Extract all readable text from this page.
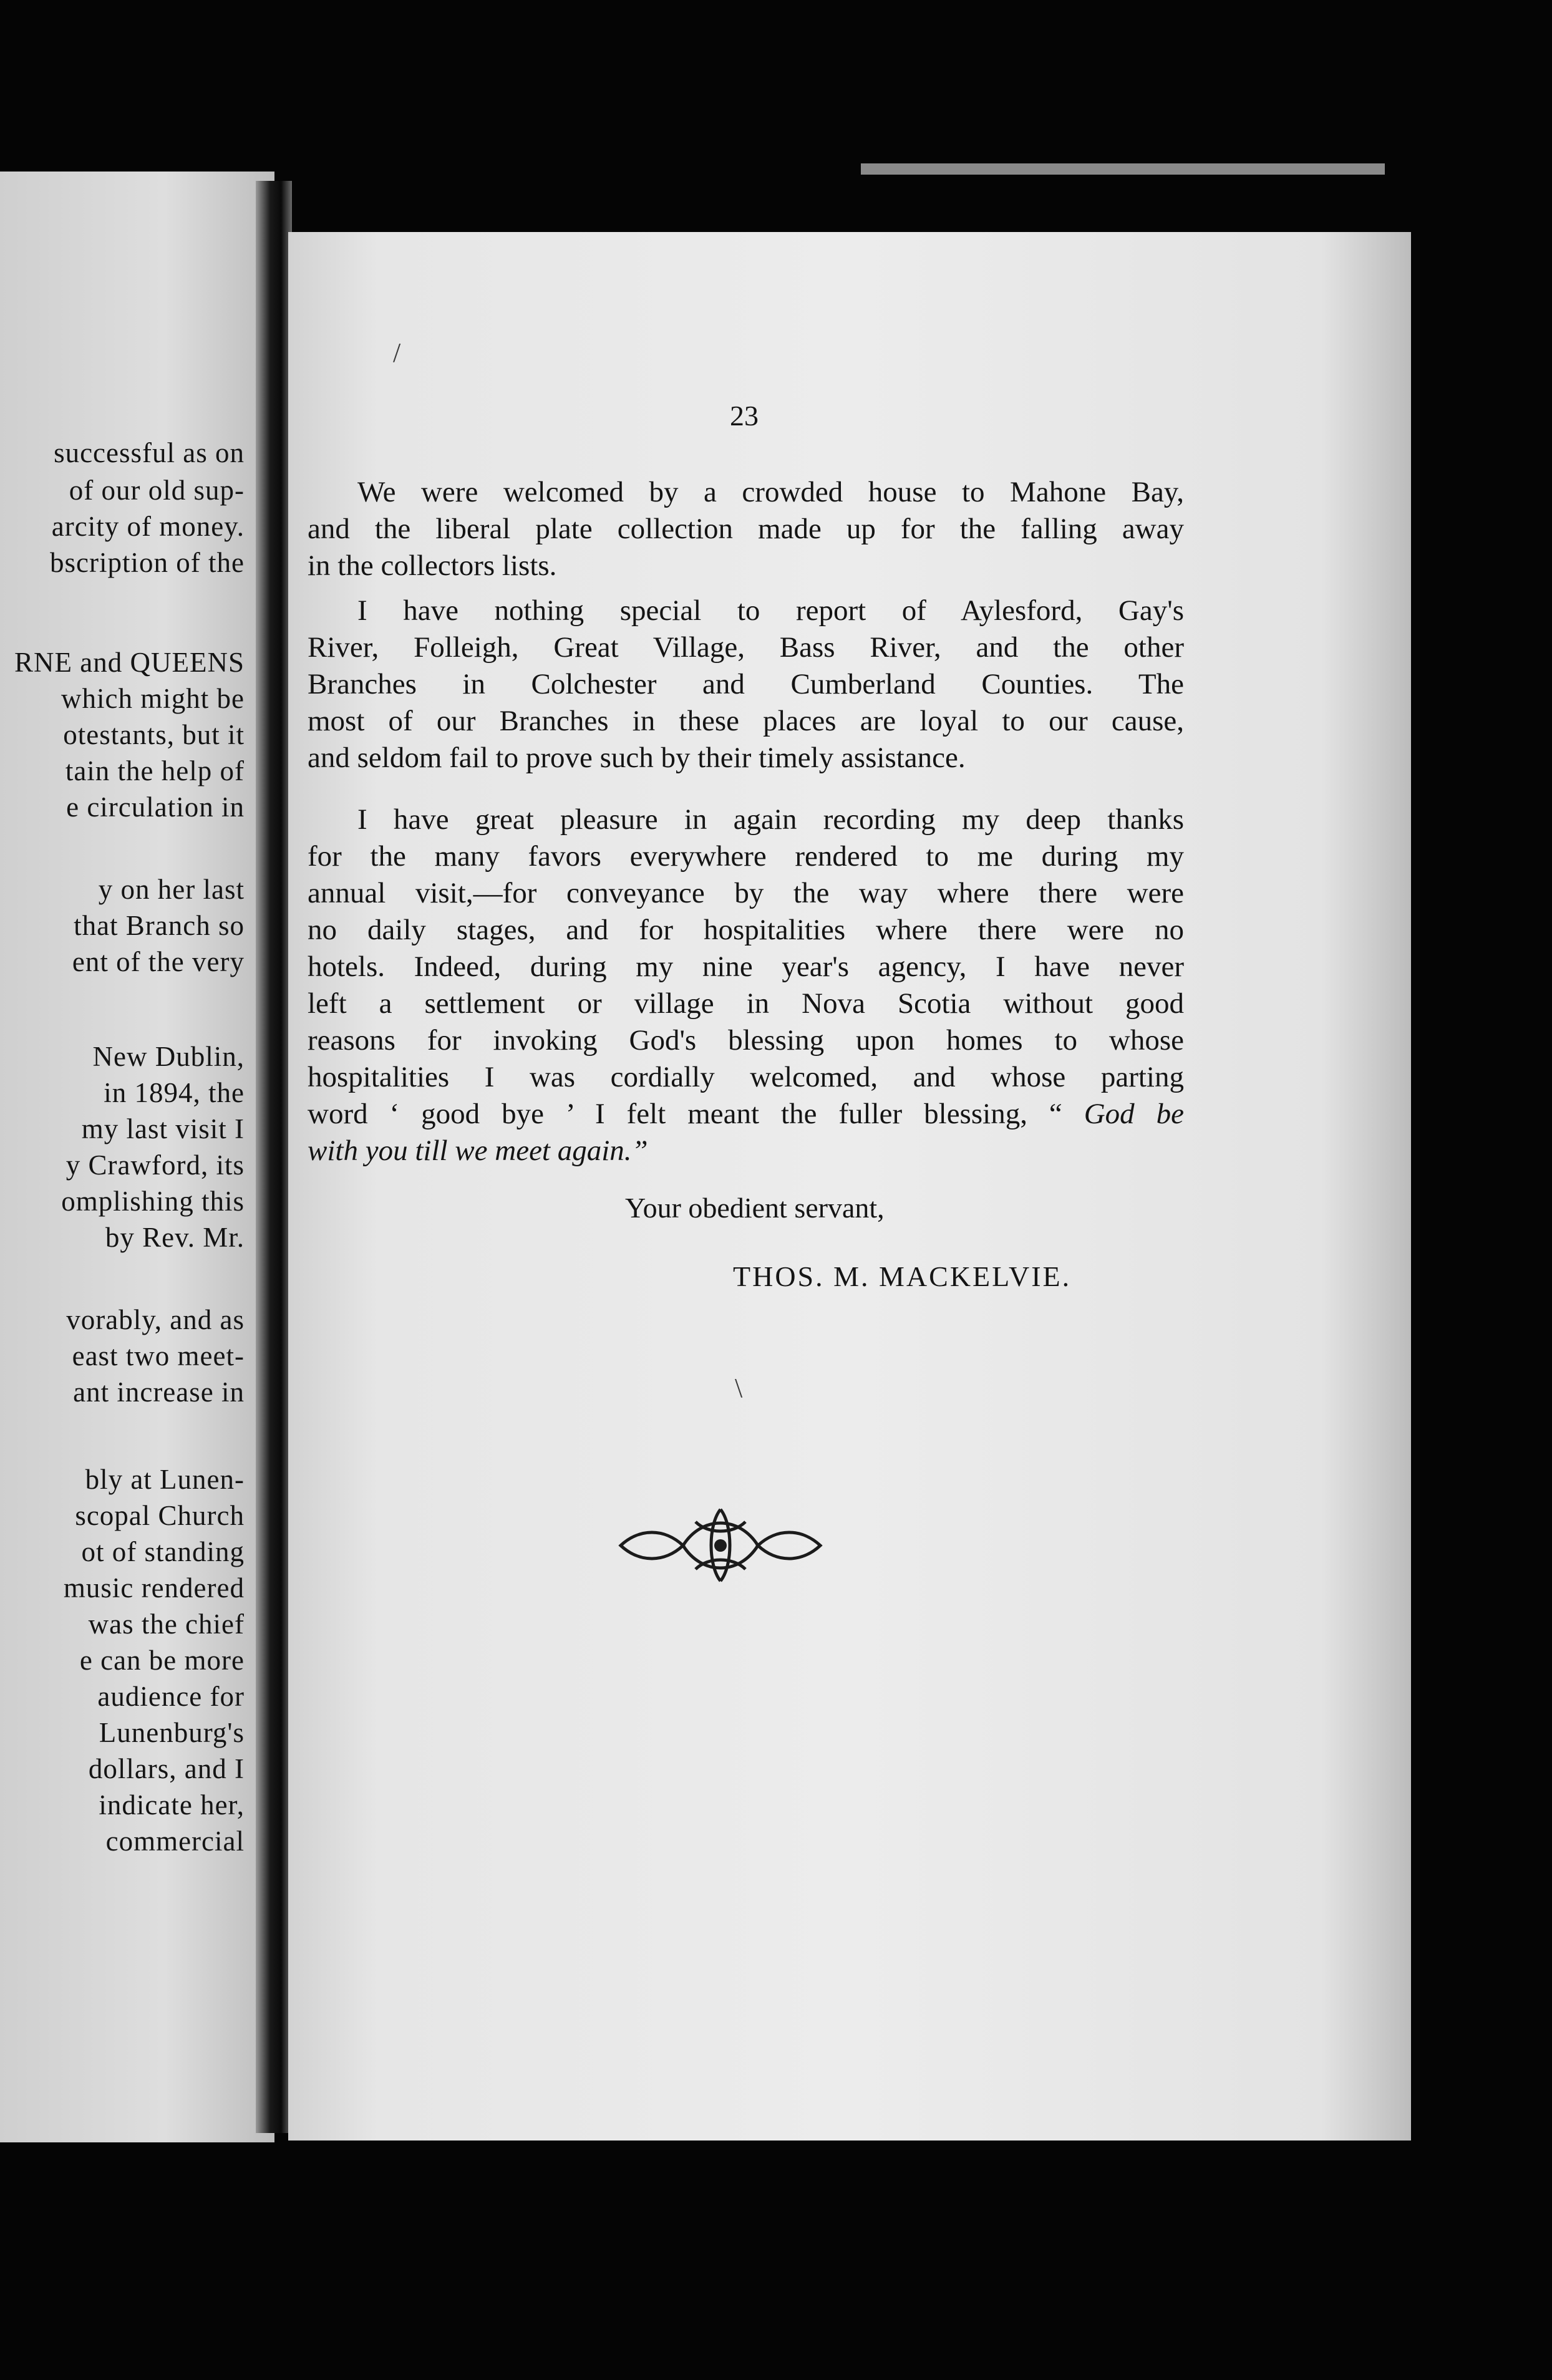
successful as on
of our old sup-
arcity of money.
bscription of the
RNE and QUEENS
which might be
otestants, but it
tain the help of
e circulation in
y on her last
that Branch so
ent of the very
New Dublin,
in 1894, the
my last visit I
y Crawford, its
omplishing this
by Rev. Mr.
vorably, and as
east two meet-
ant increase in
bly at Lunen-
scopal Church
ot of standing
music rendered
was the chief
e can be more
audience for
Lunenburg's
dollars, and I
indicate her,
commercial
23
We were welcomed by a crowded house to Mahone Bay,
and the liberal plate collection made up for the falling away
in the collectors lists.
I have nothing special to report of Aylesford, Gay's
River, Folleigh, Great Village, Bass River, and the other
Branches in Colchester and Cumberland Counties. The
most of our Branches in these places are loyal to our cause,
and seldom fail to prove such by their timely assistance.
I have great pleasure in again recording my deep thanks
for the many favors everywhere rendered to me during my
annual visit,—for conveyance by the way where there were
no daily stages, and for hospitalities where there were no
hotels. Indeed, during my nine year's agency, I have never
left a settlement or village in Nova Scotia without good
reasons for invoking God's blessing upon homes to whose
hospitalities I was cordially welcomed, and whose parting
word ‘ good bye ’ I felt meant the fuller blessing, “ God be
with you till we meet again.”
Your obedient servant,
THOS. M. MACKELVIE.
/
\
